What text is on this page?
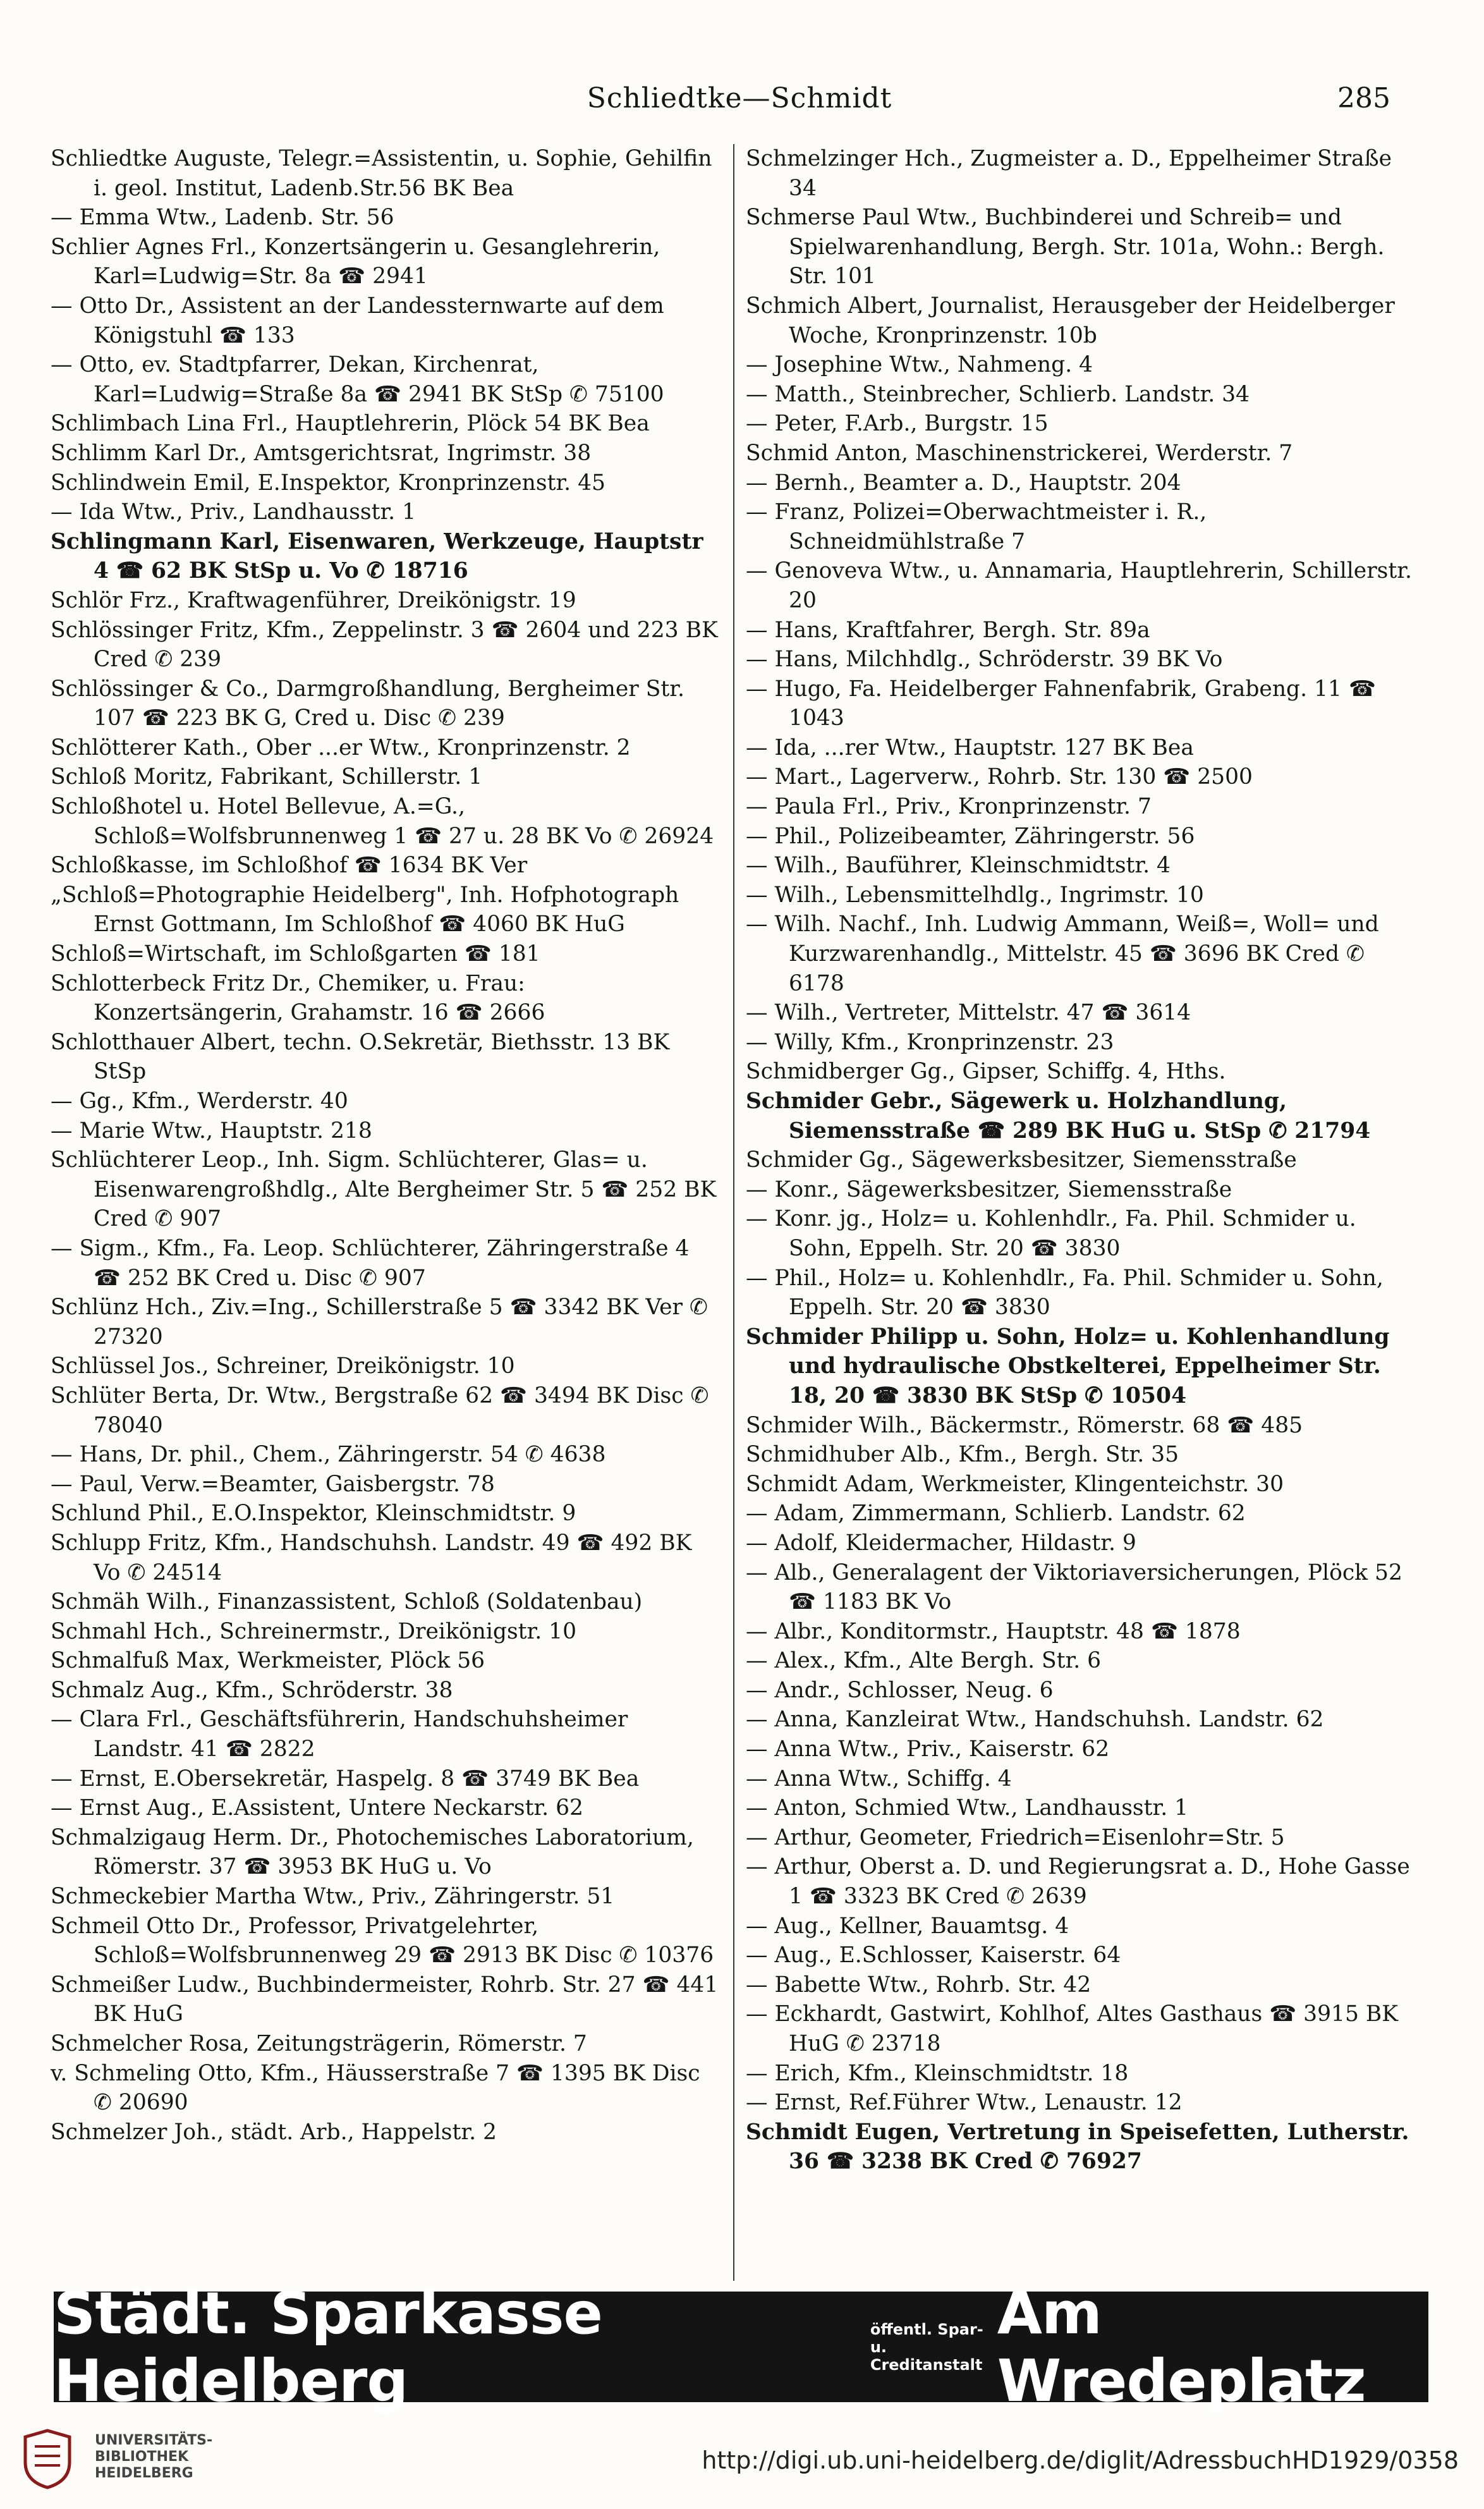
Schliedtke—Schmidt	285

Schliedtke Auguste, Telegr.=Assistentin, u. Sophie, Gehilfin i. geol. Institut, Ladenb.Str.56 BK Bea

— Emma Wtw., Ladenb. Str. 56

Schlier Agnes Frl., Konzertsängerin u. Gesanglehrerin, Karl=Ludwig=Str. 8a ☎ 2941

— Otto Dr., Assistent an der Landessternwarte auf dem Königstuhl ☎ 133

— Otto, ev. Stadtpfarrer, Dekan, Kirchenrat, Karl=Ludwig=Straße 8a ☎ 2941 BK StSp ✆ 75100

Schlimbach Lina Frl., Hauptlehrerin, Plöck 54 BK Bea

Schlimm Karl Dr., Amtsgerichtsrat, Ingrimstr. 38

Schlindwein Emil, E.Inspektor, Kronprinzenstr. 45

— Ida Wtw., Priv., Landhausstr. 1

Schlingmann Karl, Eisenwaren, Werkzeuge, Hauptstr 4 ☎ 62 BK StSp u. Vo ✆ 18716

Schlör Frz., Kraftwagenführer, Dreikönigstr. 19

Schlössinger Fritz, Kfm., Zeppelinstr. 3 ☎ 2604 und 223 BK Cred ✆ 239

Schlössinger & Co., Darmgroßhandlung, Bergheimer Str. 107 ☎ 223 BK G, Cred u. Disc ✆ 239

Schlötterer Kath., Ober ...er Wtw., Kronprinzenstr. 2

Schloß Moritz, Fabrikant, Schillerstr. 1

Schloßhotel u. Hotel Bellevue, A.=G., Schloß=Wolfsbrunnenweg 1 ☎ 27 u. 28 BK Vo ✆ 26924

Schloßkasse, im Schloßhof ☎ 1634 BK Ver

„Schloß=Photographie Heidelberg", Inh. Hofphotograph Ernst Gottmann, Im Schloßhof ☎ 4060 BK HuG

Schloß=Wirtschaft, im Schloßgarten ☎ 181

Schlotterbeck Fritz Dr., Chemiker, u. Frau: Konzertsängerin, Grahamstr. 16 ☎ 2666

Schlotthauer Albert, techn. O.Sekretär, Biethsstr. 13 BK StSp

— Gg., Kfm., Werderstr. 40

— Marie Wtw., Hauptstr. 218

Schlüchterer Leop., Inh. Sigm. Schlüchterer, Glas= u. Eisenwarengroßhdlg., Alte Bergheimer Str. 5 ☎ 252 BK Cred ✆ 907

— Sigm., Kfm., Fa. Leop. Schlüchterer, Zähringerstraße 4 ☎ 252 BK Cred u. Disc ✆ 907

Schlünz Hch., Ziv.=Ing., Schillerstraße 5 ☎ 3342 BK Ver ✆ 27320

Schlüssel Jos., Schreiner, Dreikönigstr. 10

Schlüter Berta, Dr. Wtw., Bergstraße 62 ☎ 3494 BK Disc ✆ 78040

— Hans, Dr. phil., Chem., Zähringerstr. 54 ✆ 4638

— Paul, Verw.=Beamter, Gaisbergstr. 78

Schlund Phil., E.O.Inspektor, Kleinschmidtstr. 9

Schlupp Fritz, Kfm., Handschuhsh. Landstr. 49 ☎ 492 BK Vo ✆ 24514

Schmäh Wilh., Finanzassistent, Schloß (Soldatenbau)

Schmahl Hch., Schreinermstr., Dreikönigstr. 10

Schmalfuß Max, Werkmeister, Plöck 56

Schmalz Aug., Kfm., Schröderstr. 38

— Clara Frl., Geschäftsführerin, Handschuhsheimer Landstr. 41 ☎ 2822

— Ernst, E.Obersekretär, Haspelg. 8 ☎ 3749 BK Bea

— Ernst Aug., E.Assistent, Untere Neckarstr. 62

Schmalzigaug Herm. Dr., Photochemisches Laboratorium, Römerstr. 37 ☎ 3953 BK HuG u. Vo

Schmeckebier Martha Wtw., Priv., Zähringerstr. 51

Schmeil Otto Dr., Professor, Privatgelehrter, Schloß=Wolfsbrunnenweg 29 ☎ 2913 BK Disc ✆ 10376

Schmeißer Ludw., Buchbindermeister, Rohrb. Str. 27 ☎ 441 BK HuG

Schmelcher Rosa, Zeitungsträgerin, Römerstr. 7

v. Schmeling Otto, Kfm., Häusserstraße 7 ☎ 1395 BK Disc ✆ 20690

Schmelzer Joh., städt. Arb., Happelstr. 2

Schmelzinger Hch., Zugmeister a. D., Eppelheimer Straße 34

Schmerse Paul Wtw., Buchbinderei und Schreib= und Spielwarenhandlung, Bergh. Str. 101a, Wohn.: Bergh. Str. 101

Schmich Albert, Journalist, Herausgeber der Heidelberger Woche, Kronprinzenstr. 10b

— Josephine Wtw., Nahmeng. 4

— Matth., Steinbrecher, Schlierb. Landstr. 34

— Peter, F.Arb., Burgstr. 15

Schmid Anton, Maschinenstrickerei, Werderstr. 7

— Bernh., Beamter a. D., Hauptstr. 204

— Franz, Polizei=Oberwachtmeister i. R., Schneidmühlstraße 7

— Genoveva Wtw., u. Annamaria, Hauptlehrerin, Schillerstr. 20

— Hans, Kraftfahrer, Bergh. Str. 89a

— Hans, Milchhdlg., Schröderstr. 39 BK Vo

— Hugo, Fa. Heidelberger Fahnenfabrik, Grabeng. 11 ☎ 1043

— Ida, ...rer Wtw., Hauptstr. 127 BK Bea

— Mart., Lagerverw., Rohrb. Str. 130 ☎ 2500

— Paula Frl., Priv., Kronprinzenstr. 7

— Phil., Polizeibeamter, Zähringerstr. 56

— Wilh., Bauführer, Kleinschmidtstr. 4

— Wilh., Lebensmittelhdlg., Ingrimstr. 10

— Wilh. Nachf., Inh. Ludwig Ammann, Weiß=, Woll= und Kurzwarenhandlg., Mittelstr. 45 ☎ 3696 BK Cred ✆ 6178

— Wilh., Vertreter, Mittelstr. 47 ☎ 3614

— Willy, Kfm., Kronprinzenstr. 23

Schmidberger Gg., Gipser, Schiffg. 4, Hths.

Schmider Gebr., Sägewerk u. Holzhandlung, Siemensstraße ☎ 289 BK HuG u. StSp ✆ 21794

Schmider Gg., Sägewerksbesitzer, Siemensstraße

— Konr., Sägewerksbesitzer, Siemensstraße

— Konr. jg., Holz= u. Kohlenhdlr., Fa. Phil. Schmider u. Sohn, Eppelh. Str. 20 ☎ 3830

— Phil., Holz= u. Kohlenhdlr., Fa. Phil. Schmider u. Sohn, Eppelh. Str. 20 ☎ 3830

Schmider Philipp u. Sohn, Holz= u. Kohlenhandlung und hydraulische Obstkelterei, Eppelheimer Str. 18, 20 ☎ 3830 BK StSp ✆ 10504

Schmider Wilh., Bäckermstr., Römerstr. 68 ☎ 485

Schmidhuber Alb., Kfm., Bergh. Str. 35

Schmidt Adam, Werkmeister, Klingenteichstr. 30

— Adam, Zimmermann, Schlierb. Landstr. 62

— Adolf, Kleidermacher, Hildastr. 9

— Alb., Generalagent der Viktoriaversicherungen, Plöck 52 ☎ 1183 BK Vo

— Albr., Konditormstr., Hauptstr. 48 ☎ 1878

— Alex., Kfm., Alte Bergh. Str. 6

— Andr., Schlosser, Neug. 6

— Anna, Kanzleirat Wtw., Handschuhsh. Landstr. 62

— Anna Wtw., Priv., Kaiserstr. 62

— Anna Wtw., Schiffg. 4

— Anton, Schmied Wtw., Landhausstr. 1

— Arthur, Geometer, Friedrich=Eisenlohr=Str. 5

— Arthur, Oberst a. D. und Regierungsrat a. D., Hohe Gasse 1 ☎ 3323 BK Cred ✆ 2639

— Aug., Kellner, Bauamtsg. 4

— Aug., E.Schlosser, Kaiserstr. 64

— Babette Wtw., Rohrb. Str. 42

— Eckhardt, Gastwirt, Kohlhof, Altes Gasthaus ☎ 3915 BK HuG ✆ 23718

— Erich, Kfm., Kleinschmidtstr. 18

— Ernst, Ref.Führer Wtw., Lenaustr. 12

Schmidt Eugen, Vertretung in Speisefetten, Lutherstr. 36 ☎ 3238 BK Cred ✆ 76927

Städt. Sparkasse Heidelberg
öffentl. Spar- u.
Creditanstalt
Am Wredeplatz
UNIVERSITÄTS-
BIBLIOTHEK
HEIDELBERG	http://digi.ub.uni-heidelberg.de/diglit/AdressbuchHD1929/0358
